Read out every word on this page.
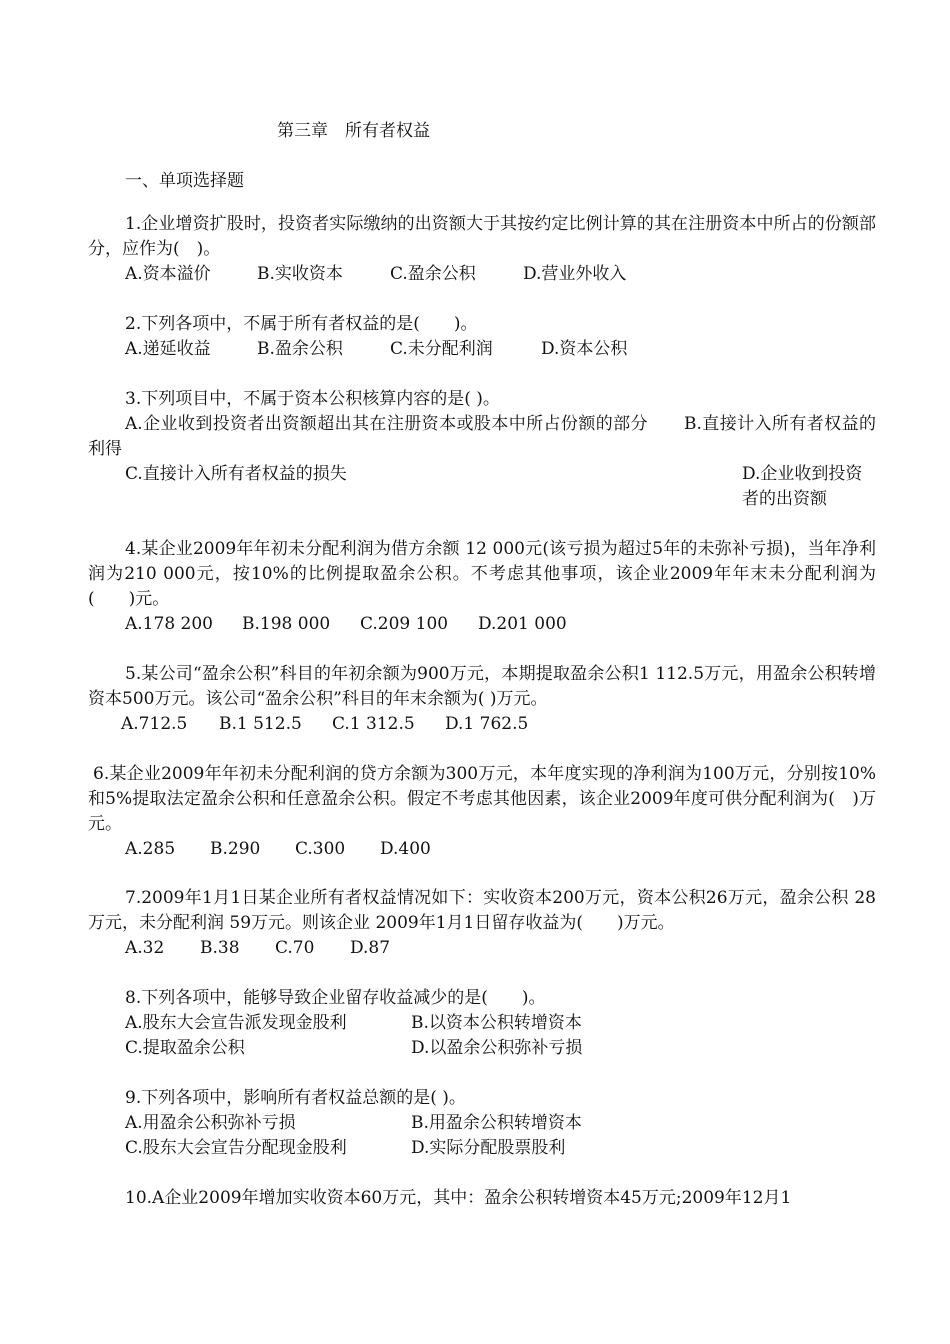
第三章　所有者权益
一、单项选择题
1.企业增资扩股时，投资者实际缴纳的出资额大于其按约定比例计算的其在注册资本中所占的份额部分，应作为(　)。
A.资本溢价	B.实收资本	C.盈余公积	D.营业外收入
2.下列各项中，不属于所有者权益的是(　　)。
A.递延收益	B.盈余公积	C.未分配利润	D.资本公积
3.下列项目中，不属于资本公积核算内容的是( )。
A.企业收到投资者出资额超出其在注册资本或股本中所占份额的部分 B.直接计入所有者权益的利得
C.直接计入所有者权益的损失	D.企业收到投资者的出资额
4.某企业2009年年初未分配利润为借方余额 12 000元(该亏损为超过5年的未弥补亏损)，当年净利润为210 000元，按10%的比例提取盈余公积。不考虑其他事项，该企业2009年年末未分配利润为(　　)元。
A.178 200 B.198 000 C.209 100 D.201 000
5.某公司“盈余公积”科目的年初余额为900万元，本期提取盈余公积1 112.5万元，用盈余公积转增资本500万元。该公司“盈余公积”科目的年末余额为( )万元。
A.712.5 B.1 512.5 C.1 312.5 D.1 762.5
6.某企业2009年年初未分配利润的贷方余额为300万元，本年度实现的净利润为100万元，分别按10%和5%提取法定盈余公积和任意盈余公积。假定不考虑其他因素，该企业2009年度可供分配利润为(　)万元。
A.285 B.290 C.300 D.400
7.2009年1月1日某企业所有者权益情况如下：实收资本200万元，资本公积26万元，盈余公积 28万元，未分配利润 59万元。则该企业 2009年1月1日留存收益为(　　)万元。
A.32 B.38 C.70 D.87
8.下列各项中，能够导致企业留存收益减少的是(　　)。
A.股东大会宣告派发现金股利	B.以资本公积转增资本
C.提取盈余公积	D.以盈余公积弥补亏损
9.下列各项中，影响所有者权益总额的是( )。
A.用盈余公积弥补亏损	B.用盈余公积转增资本
C.股东大会宣告分配现金股利	D.实际分配股票股利
10.A企业2009年增加实收资本60万元，其中：盈余公积转增资本45万元;2009年12月1
